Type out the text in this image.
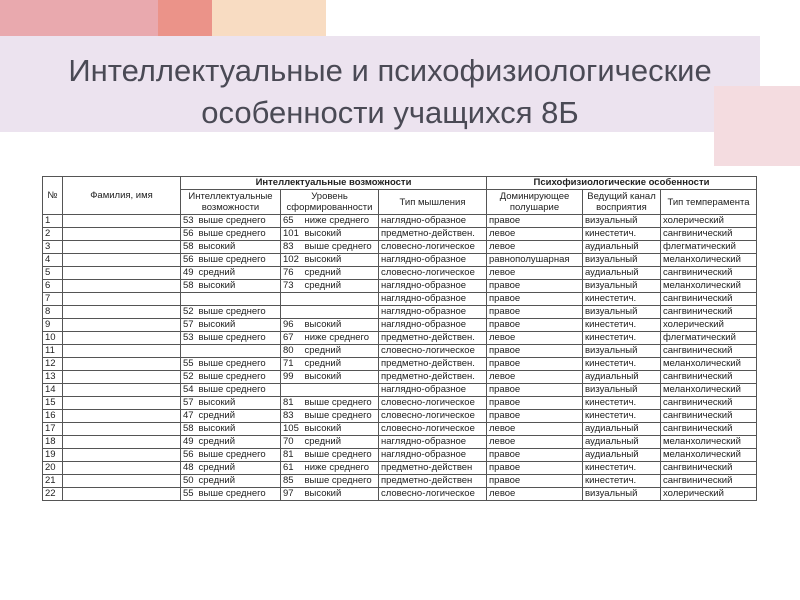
Интеллектуальные и психофизиологические
особенности учащихся 8Б
№	Фамилия, имя	Интеллектуальные возможности					Психофизиологические особенности		
		Интеллектуальные возможности		Уровень сформированности		Тип мышления	Доминирующее полушарие	Ведущий канал восприятия	Тип темперамента
1		53	выше среднего	65	ниже среднего	наглядно-образное	правое	визуальный	холерический
2		56	выше среднего	101	высокий	предметно-действен.	левое	кинестетич.	сангвинический
3		58	высокий	83	выше среднего	словесно-логическое	левое	аудиальный	флегматический
4		56	выше среднего	102	высокий	наглядно-образное	равнополушарная	визуальный	меланхолический
5		49	средний	76	средний	словесно-логическое	левое	аудиальный	сангвинический
6		58	высокий	73	средний	наглядно-образное	правое	визуальный	меланхолический
7						наглядно-образное	правое	кинестетич.	сангвинический
8		52	выше среднего			наглядно-образное	правое	визуальный	сангвинический
9		57	высокий	96	высокий	наглядно-образное	правое	кинестетич.	холерический
10		53	выше среднего	67	ниже среднего	предметно-действен.	левое	кинестетич.	флегматический
11				80	средний	словесно-логическое	правое	визуальный	сангвинический
12		55	выше среднего	71	средний	предметно-действен.	правое	кинестетич.	меланхолический
13		52	выше среднего	99	высокий	предметно-действен.	левое	аудиальный	сангвинический
14		54	выше среднего			наглядно-образное	правое	визуальный	меланхолический
15		57	высокий	81	выше среднего	словесно-логическое	правое	кинестетич.	сангвинический
16		47	средний	83	выше среднего	словесно-логическое	правое	кинестетич.	сангвинический
17		58	высокий	105	высокий	словесно-логическое	левое	аудиальный	сангвинический
18		49	средний	70	средний	наглядно-образное	левое	аудиальный	меланхолический
19		56	выше среднего	81	выше среднего	наглядно-образное	правое	аудиальный	меланхолический
20		48	средний	61	ниже среднего	предметно-действен	правое	кинестетич.	сангвинический
21		50	средний	85	выше среднего	предметно-действен	правое	кинестетич.	сангвинический
22		55	выше среднего	97	высокий	словесно-логическое	левое	визуальный	холерический
